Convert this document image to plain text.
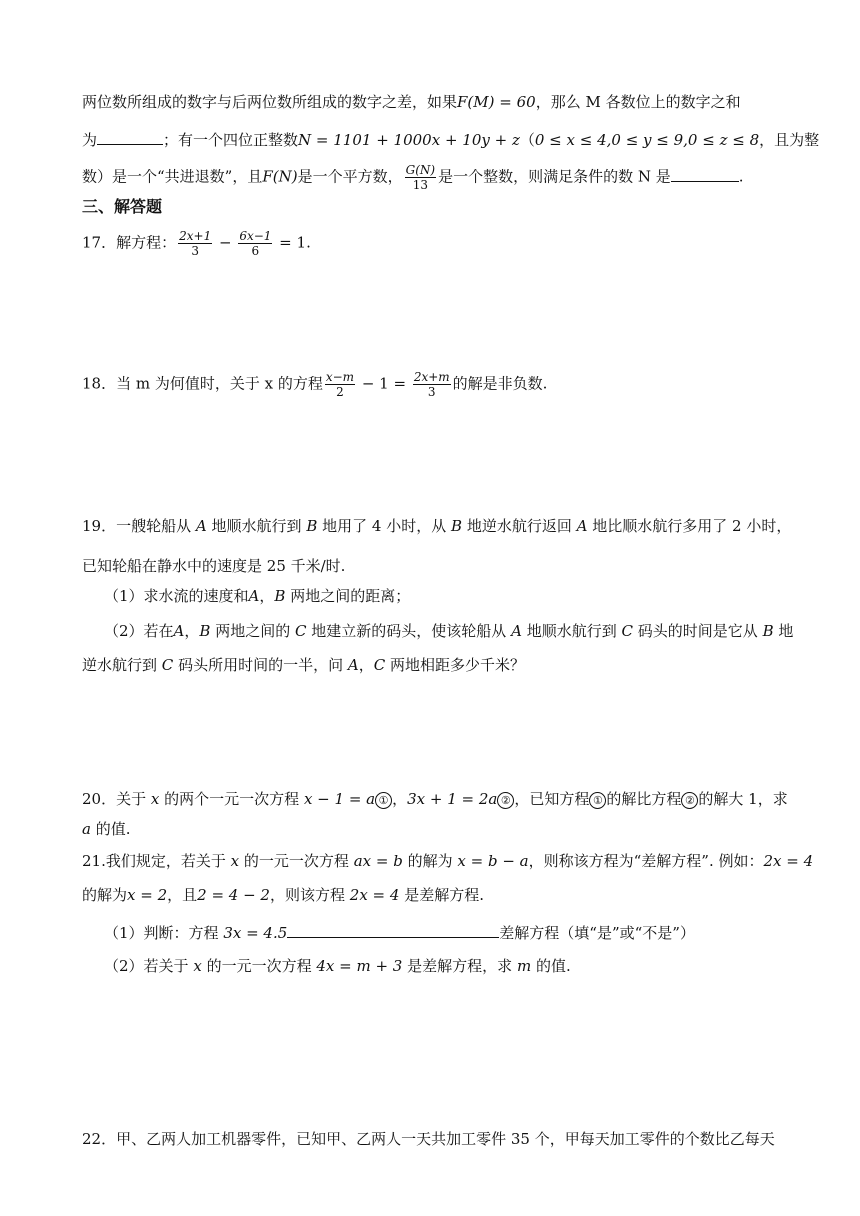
两位数所组成的数字与后两位数所组成的数字之差，如果F(M) = 60，那么 M 各数位上的数字之和
为	；有一个四位正整数N = 1101 + 1000x + 10y + z（0 ≤ x ≤ 4,0 ≤ y ≤ 9,0 ≤ z ≤ 8，且为整
数）是一个“共进退数”，且F(N)是一个平方数， $\frac{G(N)}{13}$ 是一个整数，则满足条件的数 N 是	.
三、解答题
17．解方程： $\frac{2x+1}{3} - \frac{6x-1}{6} = 1$.
18．当 m 为何值时，关于 x 的方程 $\frac{x-m}{2} - 1 = \frac{2x+m}{3}$ 的解是非负数.
19．一艘轮船从 A 地顺水航行到 B 地用了 4 小时，从 B 地逆水航行返回 A 地比顺水航行多用了 2 小时，
已知轮船在静水中的速度是 25 千米/时.
（1）求水流的速度和A，B 两地之间的距离；
（2）若在A，B 两地之间的 C 地建立新的码头，使该轮船从 A 地顺水航行到 C 码头的时间是它从 B 地
逆水航行到 C 码头所用时间的一半，问 A，C 两地相距多少千米？
20．关于 x 的两个一元一次方程 x − 1 = a ① ，3x + 1 = 2a ② ，已知方程 ① 的解比方程 ② 的解大 1，求
a 的值.
21.我们规定，若关于 x 的一元一次方程 ax = b 的解为 x = b − a，则称该方程为“差解方程”. 例如：2x = 4
的解为x = 2，且2 = 4 − 2，则该方程 2x = 4 是差解方程.
（1）判断：方程 3x = 4.5	差解方程（填“是”或“不是”）
（2）若关于 x 的一元一次方程 4x = m + 3 是差解方程，求 m 的值.
22．甲、乙两人加工机器零件，已知甲、乙两人一天共加工零件 35 个，甲每天加工零件的个数比乙每天
